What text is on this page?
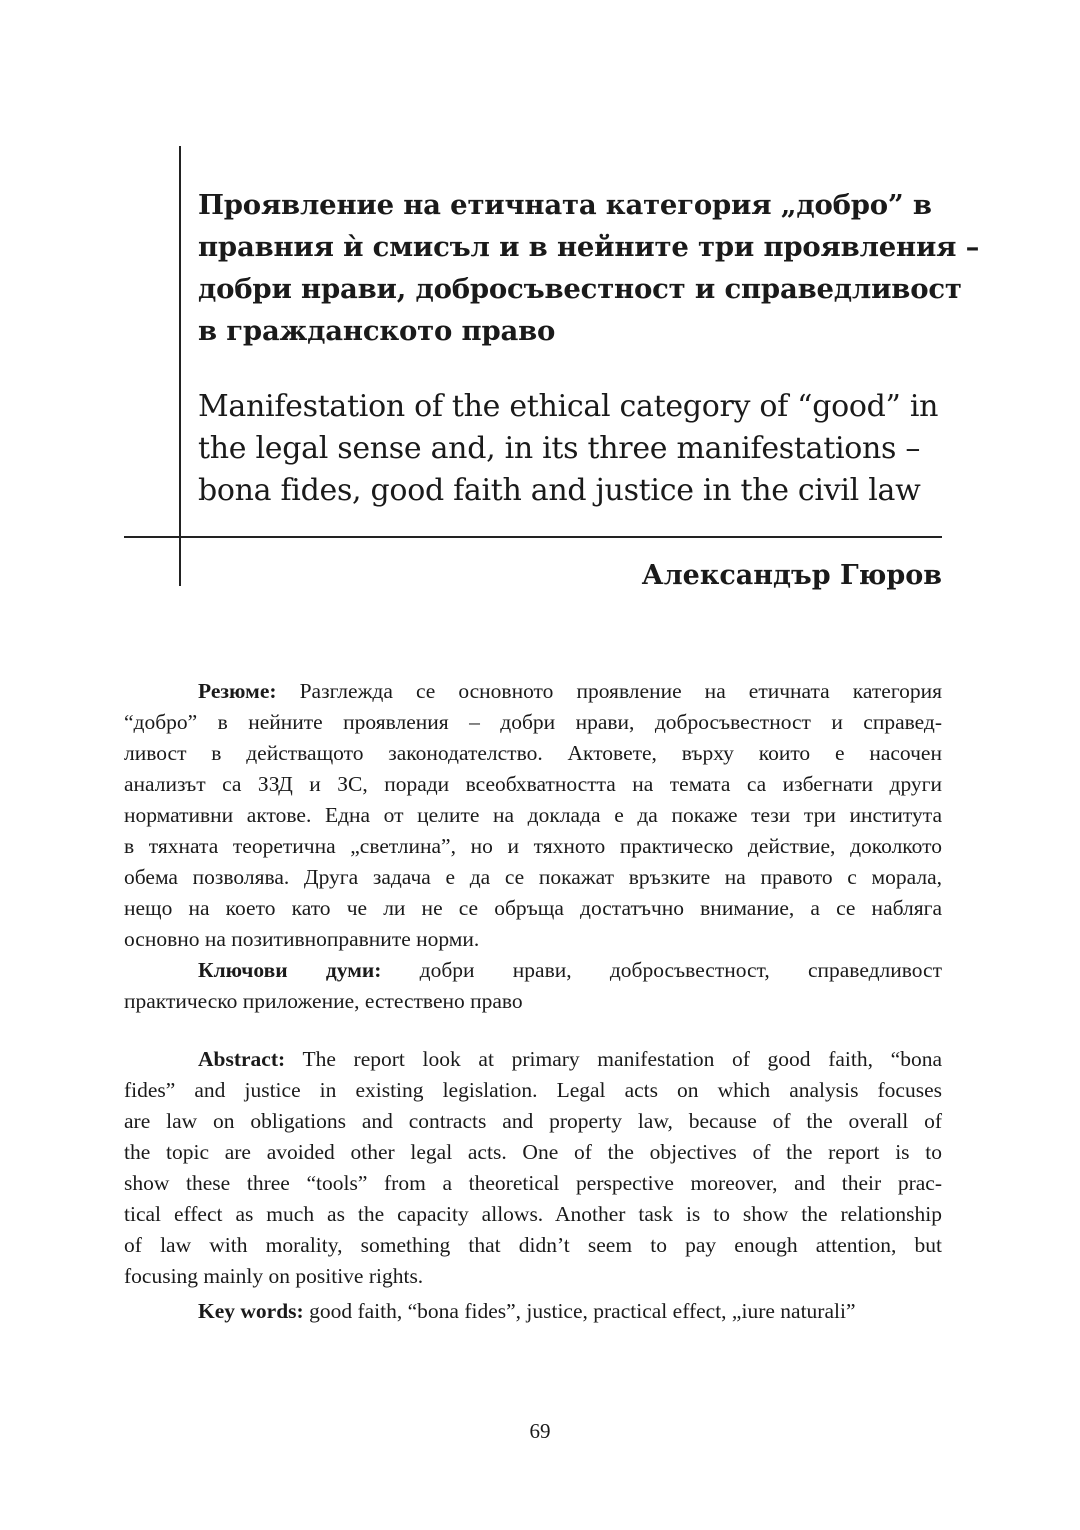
Проявление на етичната категория „добро” в
правния ѝ смисъл и в нейните три проявления –
добри нрави, добросъвестност и справедливост
в гражданското право
Manifestation of the ethical category of “good” in
the legal sense and, in its three manifestations –
bona fides, good faith and justice in the civil law
Александър Гюров
Резюме: Разглежда се основното проявление на етичната категория
“добро” в нейните проявления – добри нрави, добросъвестност и справед-
ливост в действащото законодателство. Актовете, върху които е насочен
анализът са ЗЗД и ЗС, поради всеобхватността на темата са избегнати други
нормативни актове. Една от целите на доклада е да покаже тези три института
в тяхната теоретична „светлина”, но и тяхното практическо действие, доколкото
обема позволява. Друга задача е да се покажат връзките на правото с морала,
нещо на което като че ли не се обръща достатъчно внимание, а се набляга
основно на позитивноправните норми.
Ключови думи: добри нрави, добросъвестност, справедливост
практическо приложение, естествено право
Abstract: The report look at primary manifestation of good faith, “bona
fides” and justice in existing legislation. Legal acts on which analysis focuses
are law on obligations and contracts and property law, because of the overall of
the topic are avoided other legal acts. One of the objectives of the report is to
show these three “tools” from a theoretical perspective moreover, and their prac-
tical effect as much as the capacity allows. Another task is to show the relationship
of law with morality, something that didn’t seem to pay enough attention, but
focusing mainly on positive rights.
Key words: good faith, “bona fides”, justice, practical effect, „iure naturali”
69
